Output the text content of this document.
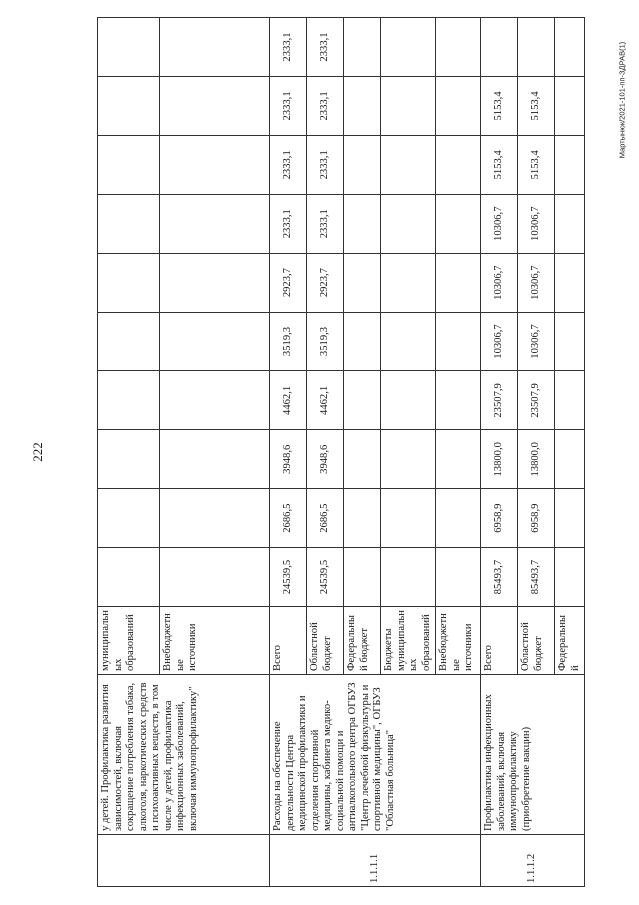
222
Мартынюк/2021-101-пп-ЗДРАВ(1)
	у детей. Профилактика развития зависимостей, включая сокращение потребления табака, алкоголя, наркотических средств и психоактивных веществ, в том числе у детей, профилактика инфекционных заболеваний, включая иммунопрофилактику"	муниципальных образований										
		Внебюджетные источники										
1.1.1.1	Расходы на обеспечение деятельности Центра медицинской профилактики и отделения спортивной медицины, кабинета медико-социальной помощи и антиалкогольного центра ОГБУЗ "Центр лечебной физкультуры и спортивной медицины", ОГБУЗ "Областная больница"	Всего	24539,5	2686,5	3948,6	4462,1	3519,3	2923,7	2333,1	2333,1	2333,1	2333,1
		Областной бюджет	24539,5	2686,5	3948,6	4462,1	3519,3	2923,7	2333,1	2333,1	2333,1	2333,1
		Федеральный бюджет										
		Бюджеты муниципальных образований										
		Внебюджетные источники										
1.1.1.2	Профилактика инфекционных заболеваний, включая иммунопрофилактику (приобретение вакцин)	Всего	85493,7	6958,9	13800,0	23507,9	10306,7	10306,7	10306,7	5153,4	5153,4	
		Областной бюджет	85493,7	6958,9	13800,0	23507,9	10306,7	10306,7	10306,7	5153,4	5153,4	
		Федеральный										
